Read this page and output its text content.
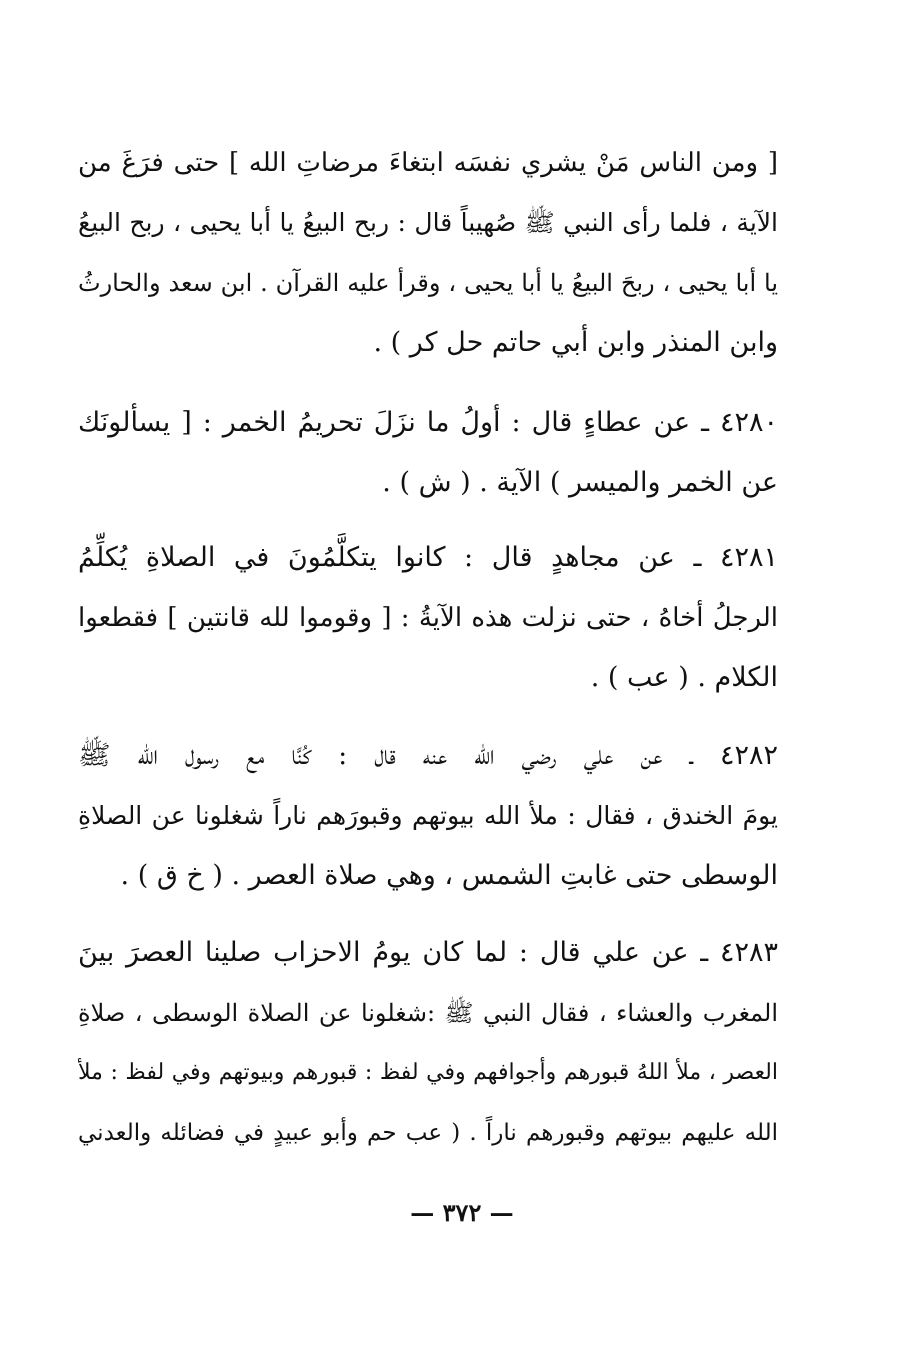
[ ومن الناس مَنْ يشري نفسَه ابتغاءَ مرضاتِ الله ] حتى فرَغَ من
الآية ، فلما رأى النبي ﷺ صُهيباً قال : ربح البيعُ يا أبا يحيى ، ربح البيعُ
يا أبا يحيى ، ربحَ البيعُ يا أبا يحيى ، وقرأ عليه القرآن . ابن سعد والحارثُ
وابن المنذر وابن أبي حاتم حل كر ) .
٤٢٨٠ ـ عن عطاءٍ قال : أولُ ما نزَلَ تحريمُ الخمر : [ يسألونَك
عن الخمر والميسر ) الآية . ( ش ) .
٤٢٨١ ـ عن مجاهدٍ قال : كانوا يتكلَّمُونَ في الصلاةِ يُكلِّمُ
الرجلُ أخاهُ ، حتى نزلت هذه الآيةُ : [ وقوموا لله قانتين ] فقطعوا
الكلام . ( عب ) .
٤٢٨٢ ـ عن علي رضي الله عنه قال : كُنَّا مع رسول الله ﷺ
يومَ الخندق ، فقال : ملأ الله بيوتهم وقبورَهم ناراً شغلونا عن الصلاةِ
الوسطى حتى غابتِ الشمس ، وهي صلاة العصر . ( خ ق ) .
٤٢٨٣ ـ عن علي قال : لما كان يومُ الاحزاب صلينا العصرَ بينَ
المغرب والعشاء ، فقال النبي ﷺ :شغلونا عن الصلاة الوسطى ، صلاةِ
العصر ، ملأ اللهُ قبورهم وأجوافهم وفي لفظ : قبورهم وبيوتهم وفي لفظ : ملأ
الله عليهم بيوتهم وقبورهم ناراً . ( عب حم وأبو عبيدٍ في فضائله والعدني
— ٣٧٢ —
